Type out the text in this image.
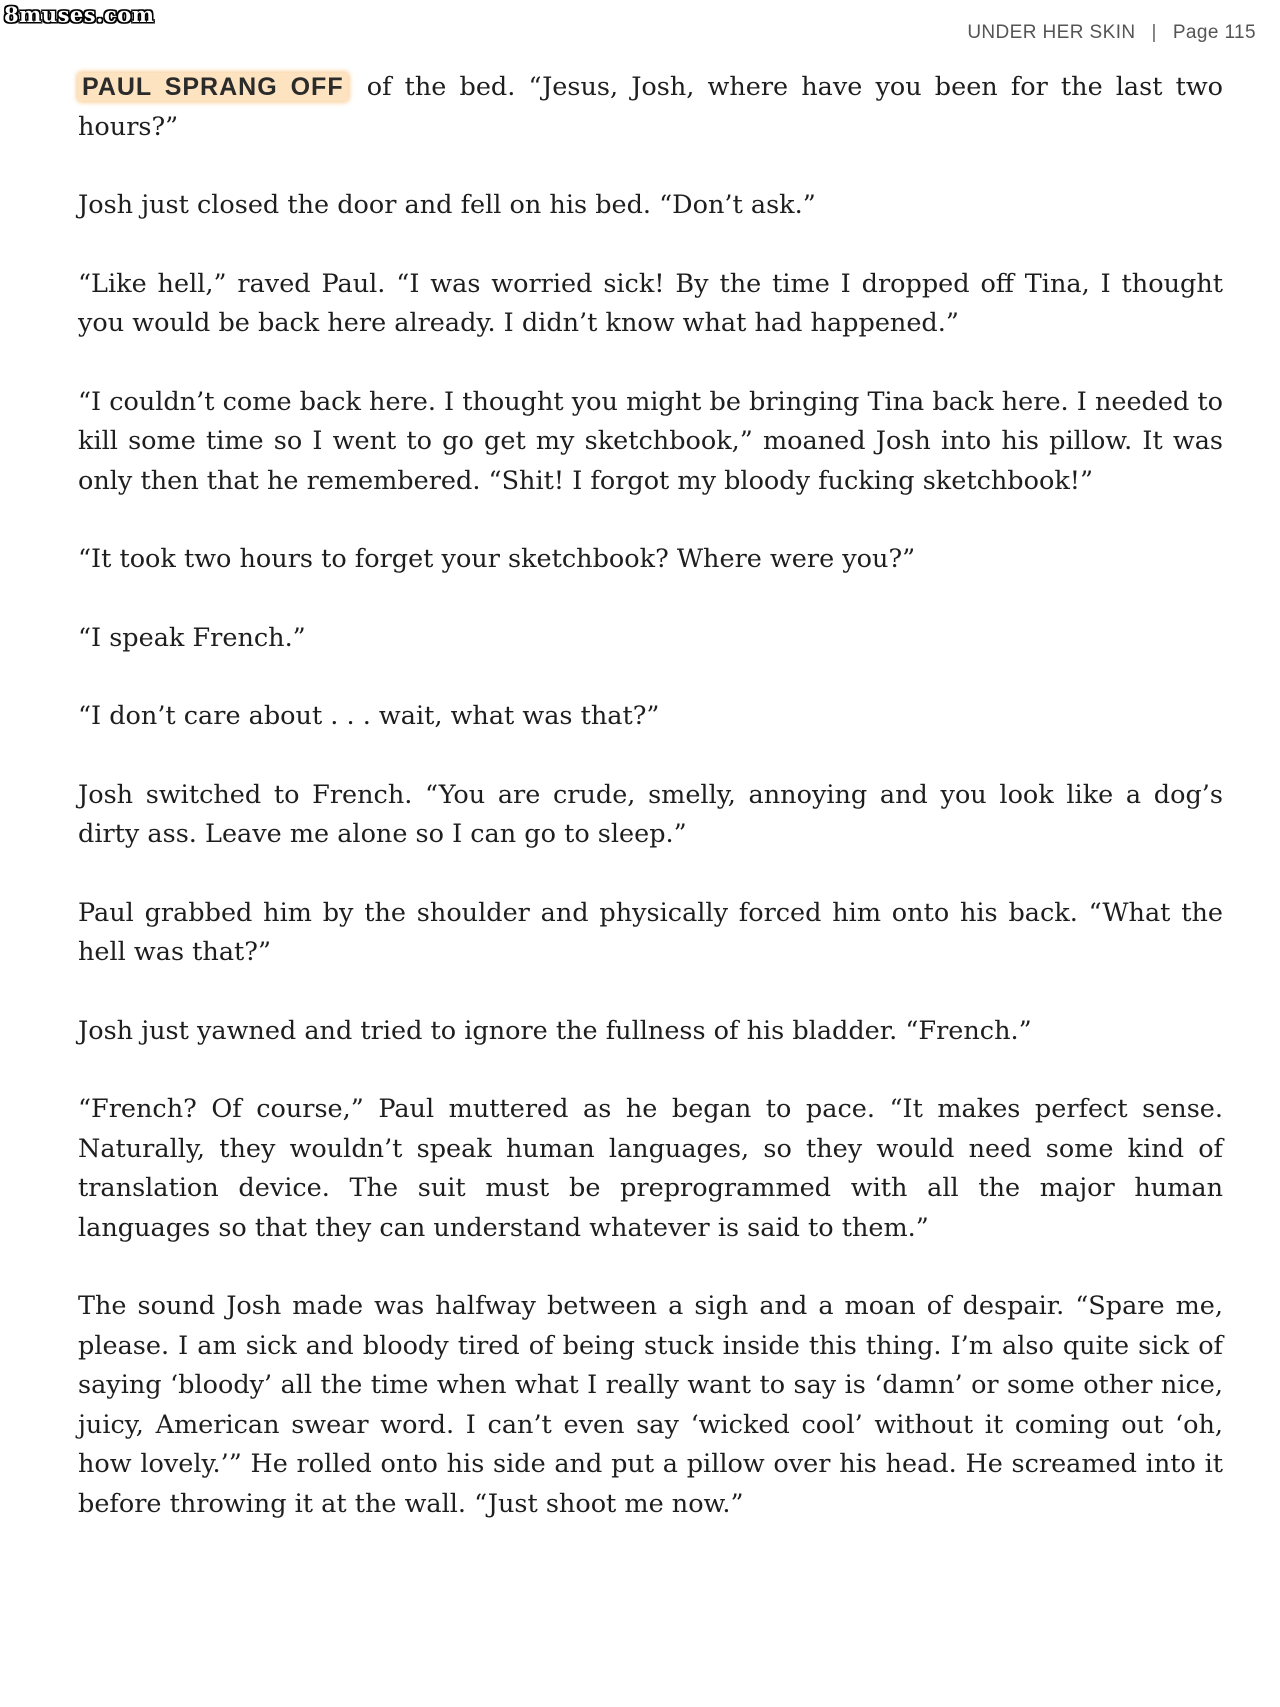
8muses.com
UNDER HER SKIN | Page 115

PAUL SPRANG OFF of the bed. “Jesus, Josh, where have you been for the last two hours?”

Josh just closed the door and fell on his bed. “Don’t ask.”

“Like hell,” raved Paul. “I was worried sick! By the time I dropped off Tina, I thought you would be back here already. I didn’t know what had happened.”

“I couldn’t come back here. I thought you might be bringing Tina back here. I needed to kill some time so I went to go get my sketchbook,” moaned Josh into his pillow. It was only then that he remembered. “Shit! I forgot my bloody fucking sketchbook!”

“It took two hours to forget your sketchbook? Where were you?”

“I speak French.”

“I don’t care about . . . wait, what was that?”

Josh switched to French. “You are crude, smelly, annoying and you look like a dog’s dirty ass. Leave me alone so I can go to sleep.”

Paul grabbed him by the shoulder and physically forced him onto his back. “What the hell was that?”

Josh just yawned and tried to ignore the fullness of his bladder. “French.”

“French? Of course,” Paul muttered as he began to pace. “It makes perfect sense. Naturally, they wouldn’t speak human languages, so they would need some kind of translation device. The suit must be preprogrammed with all the major human languages so that they can understand whatever is said to them.”

The sound Josh made was halfway between a sigh and a moan of despair. “Spare me, please. I am sick and bloody tired of being stuck inside this thing. I’m also quite sick of saying ‘bloody’ all the time when what I really want to say is ‘damn’ or some other nice, juicy, American swear word. I can’t even say ‘wicked cool’ without it coming out ‘oh, how lovely.’” He rolled onto his side and put a pillow over his head. He screamed into it before throwing it at the wall. “Just shoot me now.”
